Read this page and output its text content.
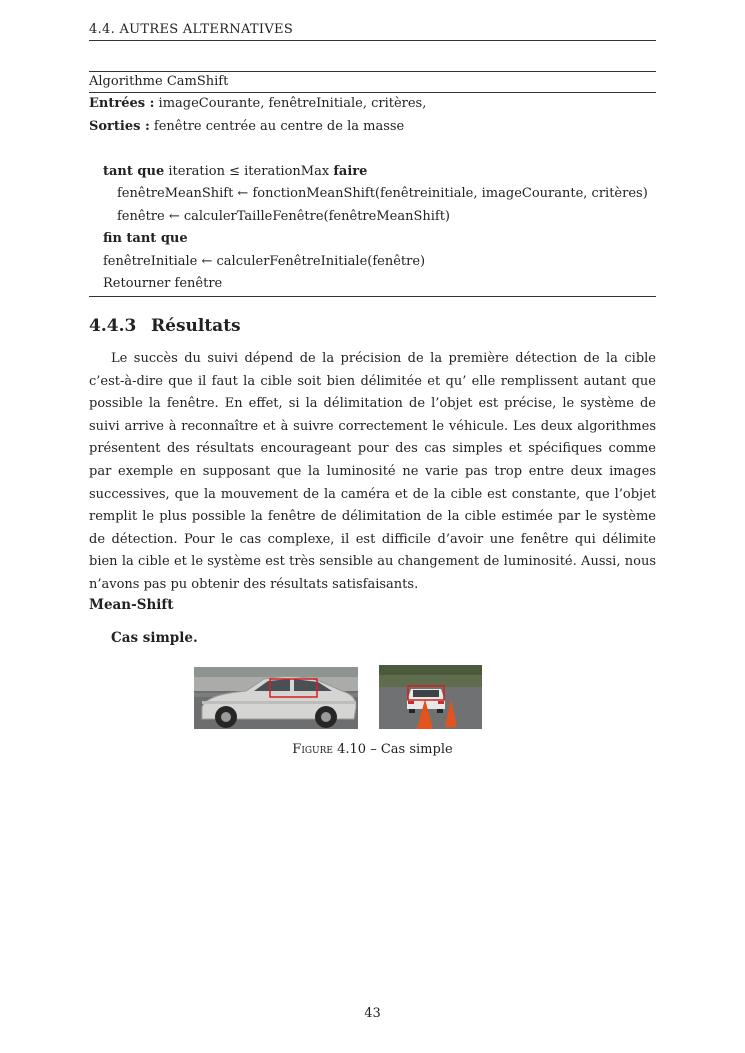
4.4. AUTRES ALTERNATIVES
Algorithme CamShift
Entrées : imageCourante, fenêtreInitiale, critères,
Sorties : fenêtre centrée au centre de la masse
tant que iteration ≤ iterationMax faire
fenêtreMeanShift ← fonctionMeanShift(fenêtreinitiale, imageCourante, critères)
fenêtre ← calculerTailleFenêtre(fenêtreMeanShift)
fin tant que
fenêtreInitiale ← calculerFenêtreInitiale(fenêtre)
Retourner fenêtre
4.4.3 Résultats

Le succès du suivi dépend de la précision de la première détection de la cible c’est-à-dire que il faut la cible soit bien délimitée et qu’ elle remplissent autant que possible la fenêtre. En effet, si la délimitation de l’objet est précise, le système de suivi arrive à reconnaître et à suivre correctement le véhicule. Les deux algorithmes présentent des résultats encourageant pour des cas simples et spécifiques comme par exemple en supposant que la luminosité ne varie pas trop entre deux images successives, que la mouvement de la caméra et de la cible est constante, que l’objet remplit le plus possible la fenêtre de délimitation de la cible estimée par le système de détection. Pour le cas complexe, il est difficile d’avoir une fenêtre qui délimite bien la cible et le système est très sensible au changement de luminosité. Aussi, nous n’avons pas pu obtenir des résultats satisfaisants.

Mean-Shift
Cas simple.
Figure 4.10 – Cas simple
43
